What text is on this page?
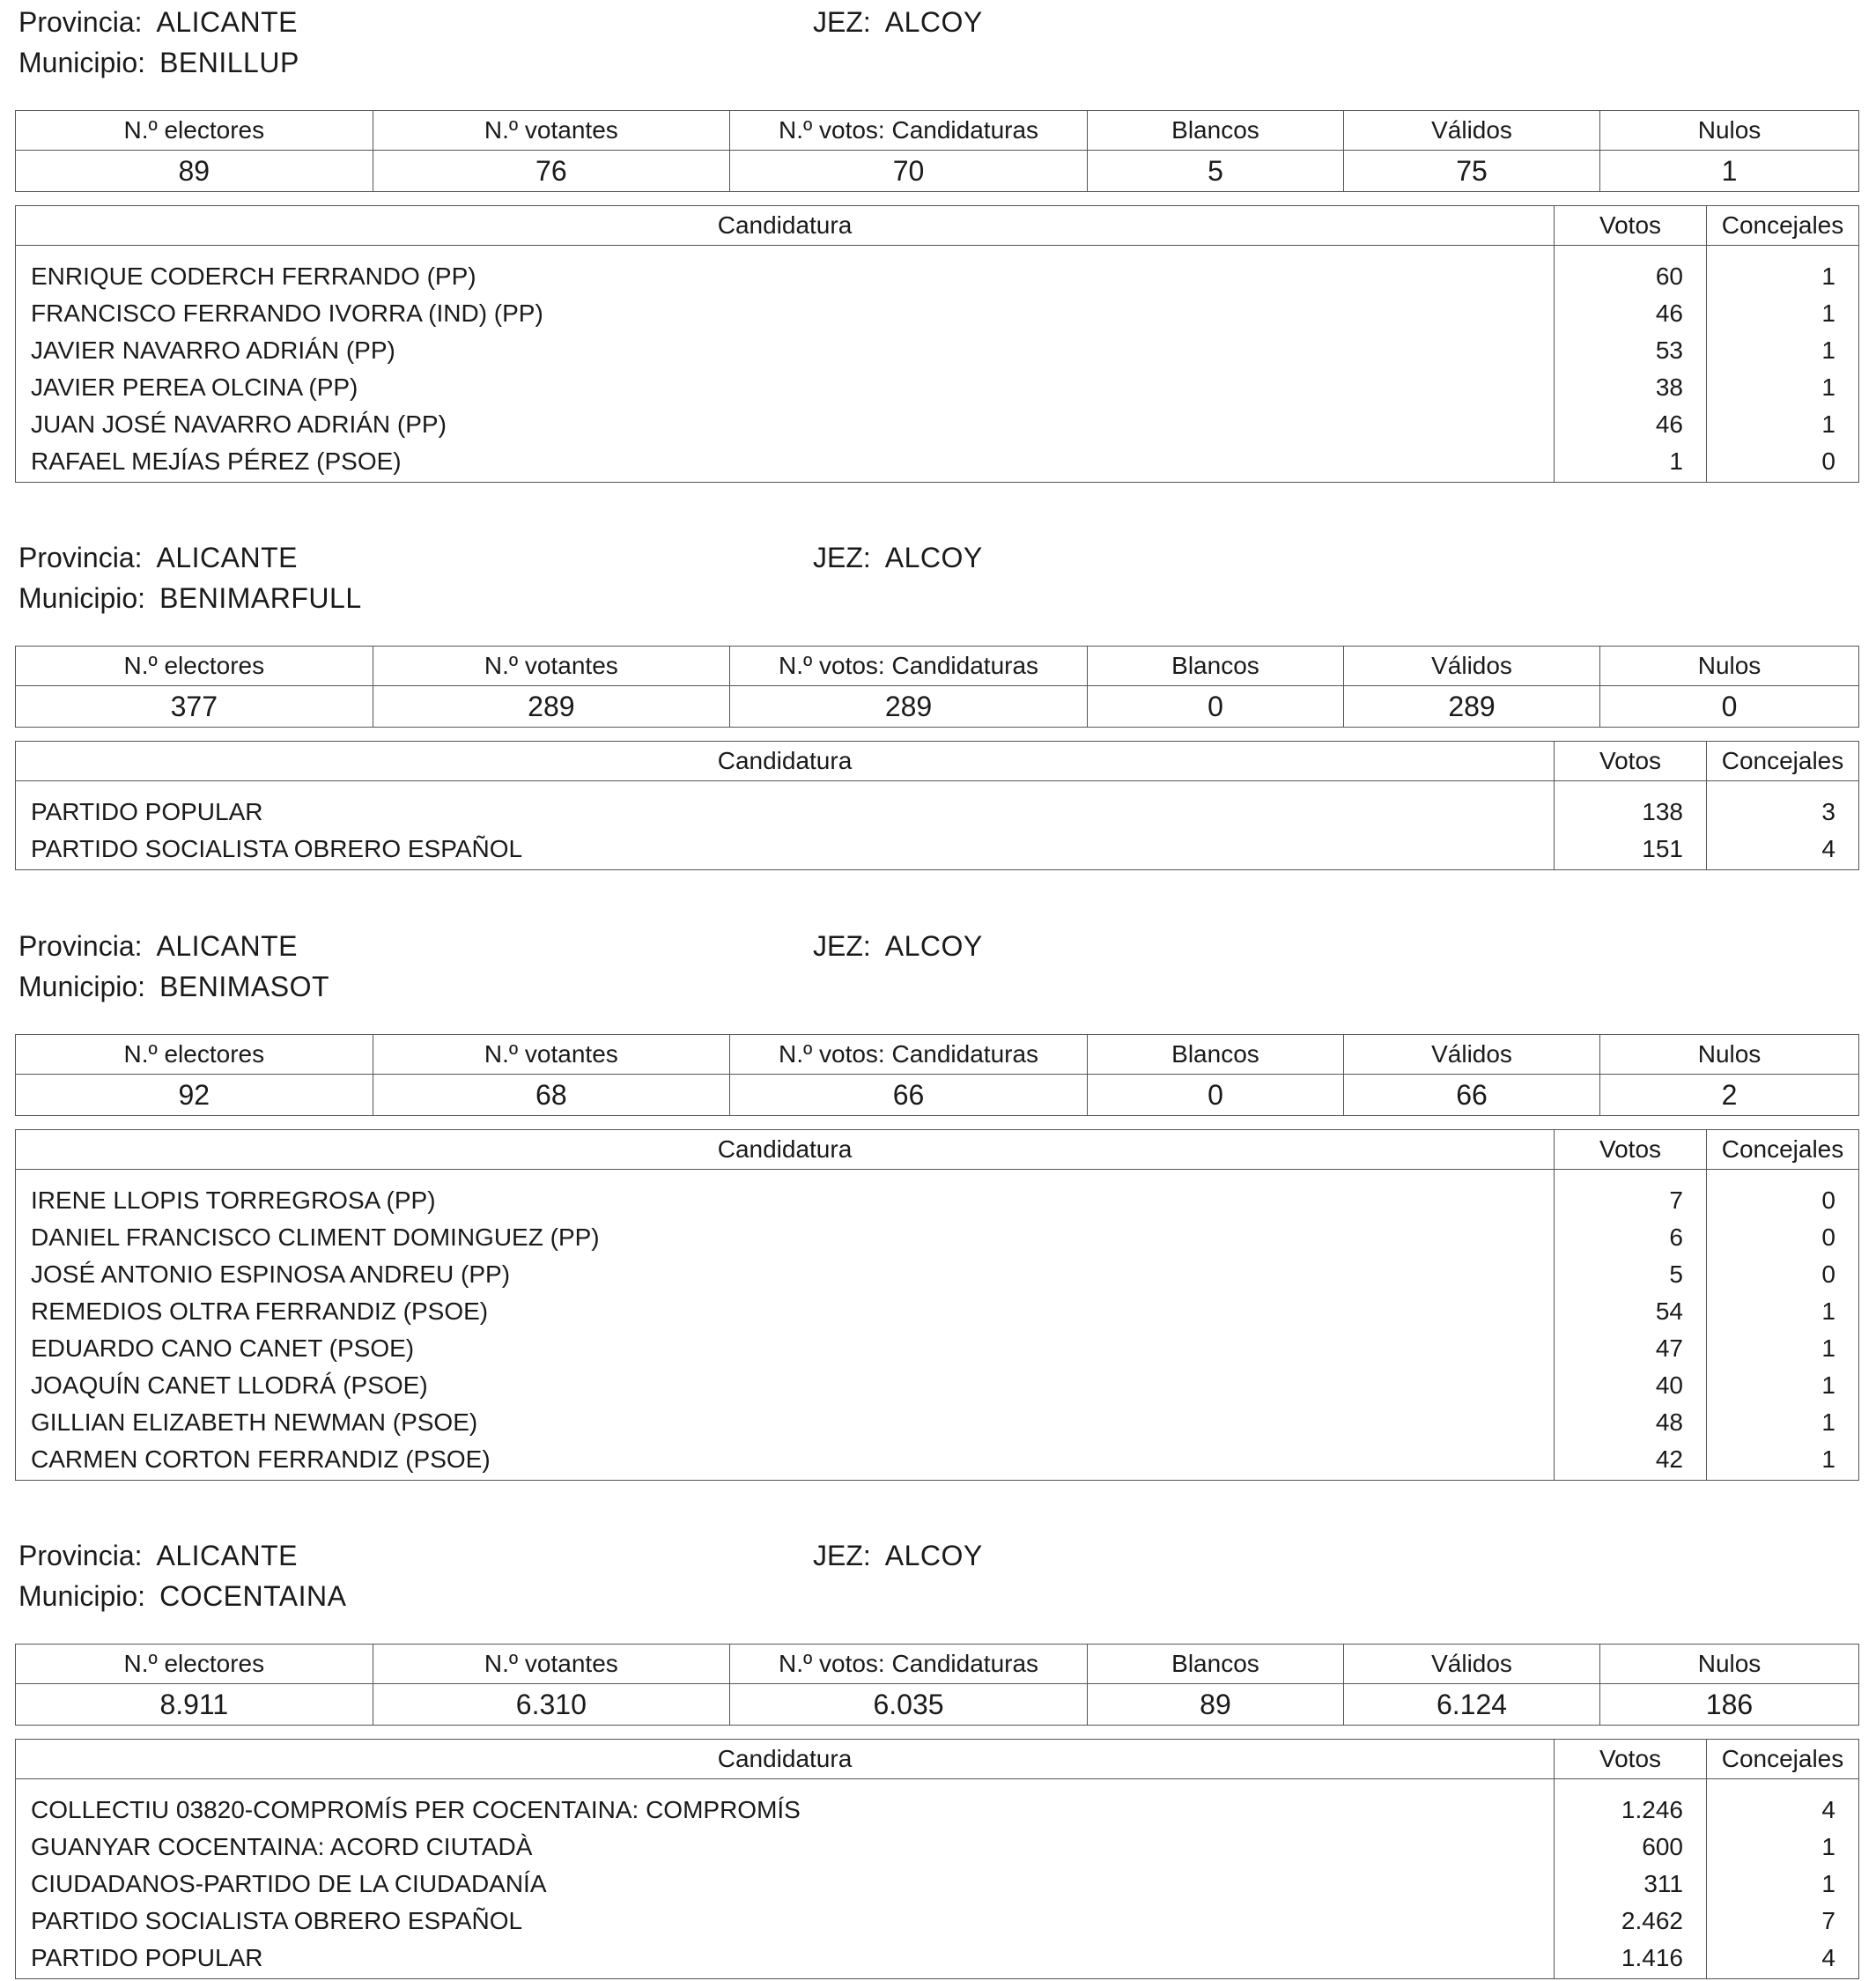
Provincia: ALICANTE	JEZ: ALCOY
Municipio: BENILLUP
N.º electores	N.º votantes	N.º votos: Candidaturas	Blancos	Válidos	Nulos
89	76	70	5	75	1
Candidatura	Votos	Concejales
ENRIQUE CODERCH FERRANDO (PP)	60	1
FRANCISCO FERRANDO IVORRA (IND) (PP)	46	1
JAVIER NAVARRO ADRIÁN (PP)	53	1
JAVIER PEREA OLCINA (PP)	38	1
JUAN JOSÉ NAVARRO ADRIÁN (PP)	46	1
RAFAEL MEJÍAS PÉREZ (PSOE)	1	0
Provincia: ALICANTE	JEZ: ALCOY
Municipio: BENIMARFULL
N.º electores	N.º votantes	N.º votos: Candidaturas	Blancos	Válidos	Nulos
377	289	289	0	289	0
Candidatura	Votos	Concejales
PARTIDO POPULAR	138	3
PARTIDO SOCIALISTA OBRERO ESPAÑOL	151	4
Provincia: ALICANTE	JEZ: ALCOY
Municipio: BENIMASOT
N.º electores	N.º votantes	N.º votos: Candidaturas	Blancos	Válidos	Nulos
92	68	66	0	66	2
Candidatura	Votos	Concejales
IRENE LLOPIS TORREGROSA (PP)	7	0
DANIEL FRANCISCO CLIMENT DOMINGUEZ (PP)	6	0
JOSÉ ANTONIO ESPINOSA ANDREU (PP)	5	0
REMEDIOS OLTRA FERRANDIZ (PSOE)	54	1
EDUARDO CANO CANET (PSOE)	47	1
JOAQUÍN CANET LLODRÁ (PSOE)	40	1
GILLIAN ELIZABETH NEWMAN (PSOE)	48	1
CARMEN CORTON FERRANDIZ (PSOE)	42	1
Provincia: ALICANTE	JEZ: ALCOY
Municipio: COCENTAINA
N.º electores	N.º votantes	N.º votos: Candidaturas	Blancos	Válidos	Nulos
8.911	6.310	6.035	89	6.124	186
Candidatura	Votos	Concejales
COLLECTIU 03820-COMPROMÍS PER COCENTAINA: COMPROMÍS	1.246	4
GUANYAR COCENTAINA: ACORD CIUTADÀ	600	1
CIUDADANOS-PARTIDO DE LA CIUDADANÍA	311	1
PARTIDO SOCIALISTA OBRERO ESPAÑOL	2.462	7
PARTIDO POPULAR	1.416	4
